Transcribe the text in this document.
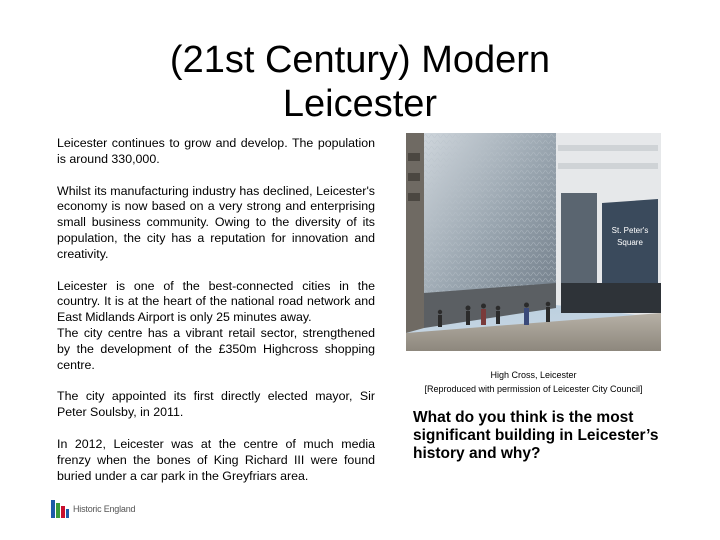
(21st Century) Modern
Leicester

Leicester continues to grow and develop. The population is around 330,000.

Whilst its manufacturing industry has declined, Leicester's economy is now based on a very strong and enterprising small business community. Owing to the diversity of its population, the city has a reputation for innovation and creativity.

Leicester is one of the best-connected cities in the country. It is at the heart of the national road network and East Midlands Airport is only 25 minutes away.

The city centre has a vibrant retail sector, strengthened by the development of the £350m Highcross shopping centre.

The city appointed its first directly elected mayor, Sir Peter Soulsby, in 2011.

In 2012, Leicester was at the centre of much media frenzy when the bones of King Richard III were found buried under a car park in the Greyfriars area.

St. Peter's
Square
High Cross, Leicester
[Reproduced with permission of Leicester City Council]
What do you think is the most significant building in Leicester’s history and why?
Historic England
